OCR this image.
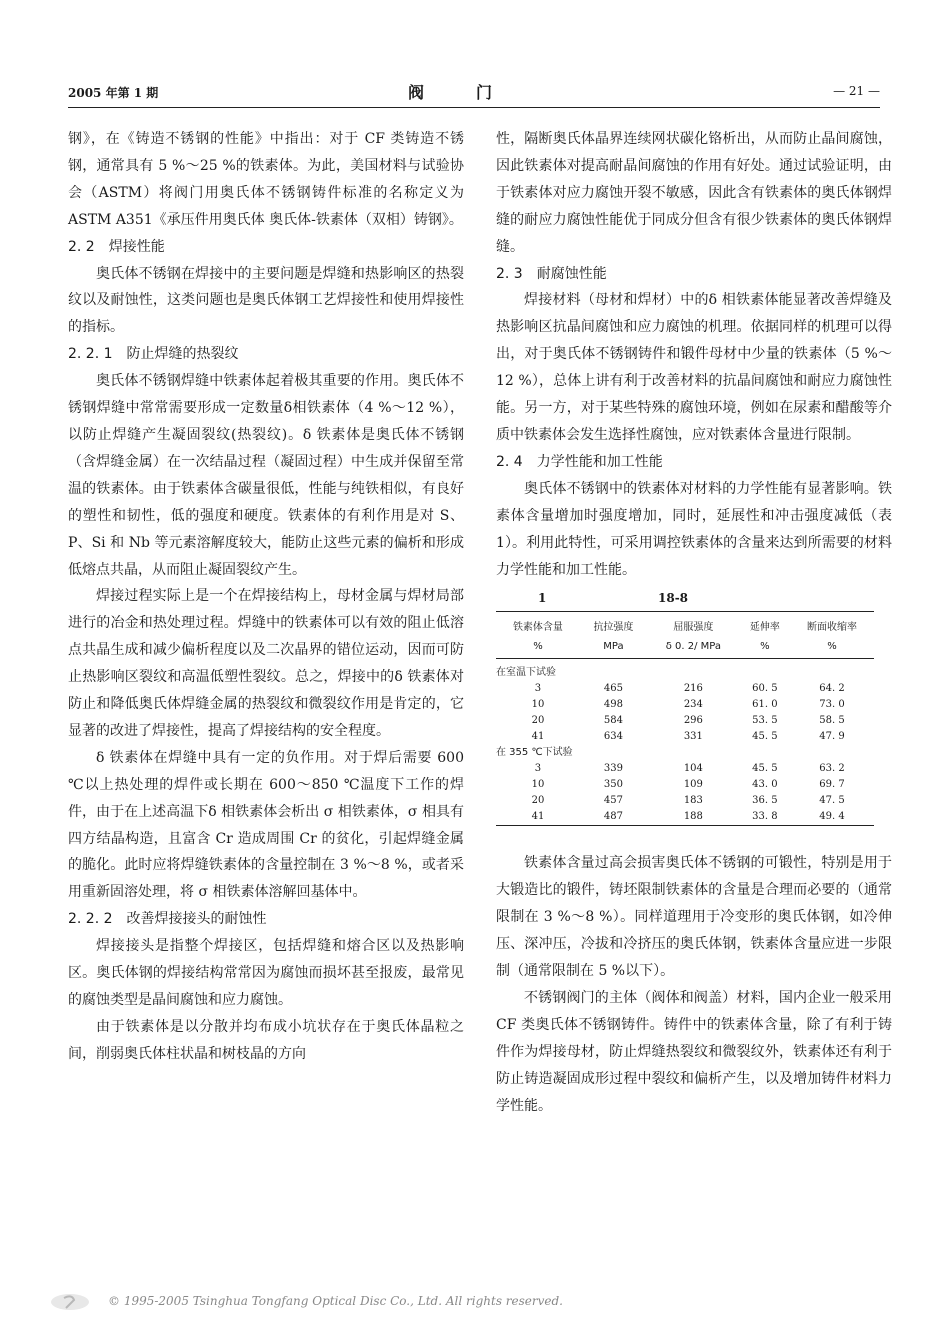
2005 年第 1 期	阀门	— 21 —

钢》，在《铸造不锈钢的性能》中指出：对于 CF 类铸造不锈钢，通常具有 5 %～25 %的铁素体。为此，美国材料与试验协会（ASTM）将阀门用奥氏体不锈钢铸件标准的名称定义为 ASTM A351《承压件用奥氏体 奥氏体-铁素体（双相）铸钢》。

2. 2　焊接性能

奥氏体不锈钢在焊接中的主要问题是焊缝和热影响区的热裂纹以及耐蚀性，这类问题也是奥氏体钢工艺焊接性和使用焊接性的指标。

2. 2. 1　防止焊缝的热裂纹

奥氏体不锈钢焊缝中铁素体起着极其重要的作用。奥氏体不锈钢焊缝中常常需要形成一定数量δ相铁素体（4 %～12 %），以防止焊缝产生凝固裂纹(热裂纹)。δ 铁素体是奥氏体不锈钢（含焊缝金属）在一次结晶过程（凝固过程）中生成并保留至常温的铁素体。由于铁素体含碳量很低，性能与纯铁相似，有良好的塑性和韧性，低的强度和硬度。铁素体的有利作用是对 S、P、Si 和 Nb 等元素溶解度较大，能防止这些元素的偏析和形成低熔点共晶，从而阻止凝固裂纹产生。

焊接过程实际上是一个在焊接结构上，母材金属与焊材局部进行的冶金和热处理过程。焊缝中的铁素体可以有效的阻止低溶点共晶生成和减少偏析程度以及二次晶界的错位运动，因而可防止热影响区裂纹和高温低塑性裂纹。总之，焊接中的δ 铁素体对防止和降低奥氏体焊缝金属的热裂纹和微裂纹作用是肯定的，它显著的改进了焊接性，提高了焊接结构的安全程度。

δ 铁素体在焊缝中具有一定的负作用。对于焊后需要 600 ℃以上热处理的焊件或长期在 600～850 ℃温度下工作的焊件，由于在上述高温下δ 相铁素体会析出 σ 相铁素体，σ 相具有四方结晶构造，且富含 Cr 造成周围 Cr 的贫化，引起焊缝金属的脆化。此时应将焊缝铁素体的含量控制在 3 %～8 %，或者采用重新固溶处理，将 σ 相铁素体溶解回基体中。

2. 2. 2　改善焊接接头的耐蚀性

焊接接头是指整个焊接区，包括焊缝和熔合区以及热影响区。奥氏体钢的焊接结构常常因为腐蚀而损坏甚至报废，最常见的腐蚀类型是晶间腐蚀和应力腐蚀。

由于铁素体是以分散并均布成小坑状存在于奥氏体晶粒之间，削弱奥氏体柱状晶和树枝晶的方向

性，隔断奥氏体晶界连续网状碳化铬析出，从而防止晶间腐蚀，因此铁素体对提高耐晶间腐蚀的作用有好处。通过试验证明，由于铁素体对应力腐蚀开裂不敏感，因此含有铁素体的奥氏体钢焊缝的耐应力腐蚀性能优于同成分但含有很少铁素体的奥氏体钢焊缝。

2. 3　耐腐蚀性能

焊接材料（母材和焊材）中的δ 相铁素体能显著改善焊缝及热影响区抗晶间腐蚀和应力腐蚀的机理。依据同样的机理可以得出，对于奥氏体不锈钢铸件和锻件母材中少量的铁素体（5 %～12 %），总体上讲有利于改善材料的抗晶间腐蚀和耐应力腐蚀性能。另一方，对于某些特殊的腐蚀环境，例如在尿素和醋酸等介质中铁素体会发生选择性腐蚀，应对铁素体含量进行限制。

2. 4　力学性能和加工性能

奥氏体不锈钢中的铁素体对材料的力学性能有显著影响。铁素体含量增加时强度增加，同时，延展性和冲击强度减低（表 1）。利用此特性，可采用调控铁素体的含量来达到所需要的材料力学性能和加工性能。

1	18-8
铁素体含量	抗拉强度	屈服强度	延伸率	断面收缩率
%	MPa	δ 0. 2/ MPa	%	%
在室温下试验				
3	465	216	60. 5	64. 2
10	498	234	61. 0	73. 0
20	584	296	53. 5	58. 5
41	634	331	45. 5	47. 9
在 355 ℃下试验				
3	339	104	45. 5	63. 2
10	350	109	43. 0	69. 7
20	457	183	36. 5	47. 5
41	487	188	33. 8	49. 4

铁素体含量过高会损害奥氏体不锈钢的可锻性，特别是用于大锻造比的锻件，铸坯限制铁素体的含量是合理而必要的（通常限制在 3 %～8 %）。同样道理用于冷变形的奥氏体钢，如冷伸压、深冲压，冷拔和冷挤压的奥氏体钢，铁素体含量应进一步限制（通常限制在 5 %以下）。

不锈钢阀门的主体（阀体和阀盖）材料，国内企业一般采用 CF 类奥氏体不锈钢铸件。铸件中的铁素体含量，除了有利于铸件作为焊接母材，防止焊缝热裂纹和微裂纹外，铁素体还有利于防止铸造凝固成形过程中裂纹和偏析产生，以及增加铸件材料力学性能。

© 1995-2005 Tsinghua Tongfang Optical Disc Co., Ltd. All rights reserved.
